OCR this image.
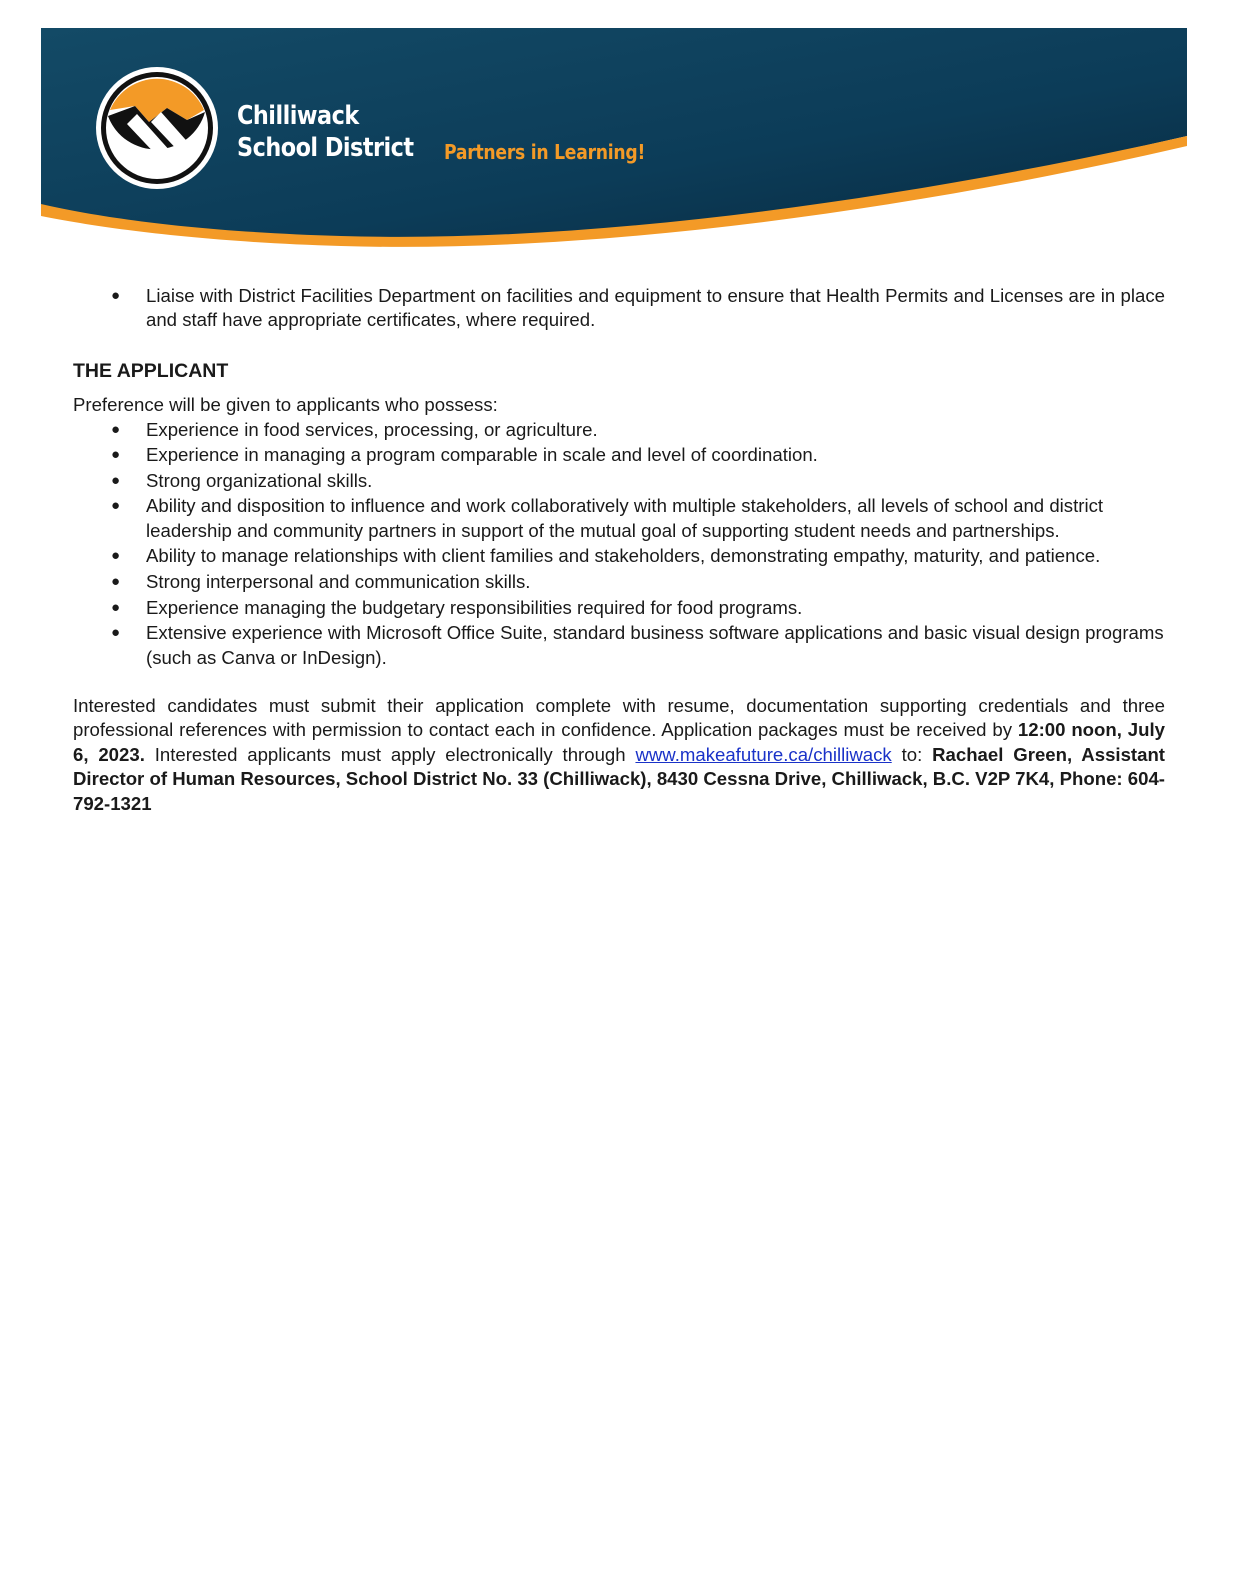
Chilliwack
School District Partners in Learning!
● Liaise with District Facilities Department on facilities and equipment to ensure that Health Permits and Licenses are in place and staff have appropriate certificates, where required.
THE APPLICANT
Preference will be given to applicants who possess:
● Experience in food services, processing, or agriculture.
● Experience in managing a program comparable in scale and level of coordination.
● Strong organizational skills.
● Ability and disposition to influence and work collaboratively with multiple stakeholders, all levels of school and district leadership and community partners in support of the mutual goal of supporting student needs and partnerships.
● Ability to manage relationships with client families and stakeholders, demonstrating empathy, maturity, and patience.
● Strong interpersonal and communication skills.
● Experience managing the budgetary responsibilities required for food programs.
● Extensive experience with Microsoft Office Suite, standard business software applications and basic visual design programs (such as Canva or InDesign).
Interested candidates must submit their application complete with resume, documentation supporting credentials and three professional references with permission to contact each in confidence. Application packages must be received by 12:00 noon, July 6, 2023. Interested applicants must apply electronically through www.makeafuture.ca/chilliwack to: Rachael Green, Assistant Director of Human Resources, School District No. 33 (Chilliwack), 8430 Cessna Drive, Chilliwack, B.C. V2P 7K4, Phone: 604-792-1321
